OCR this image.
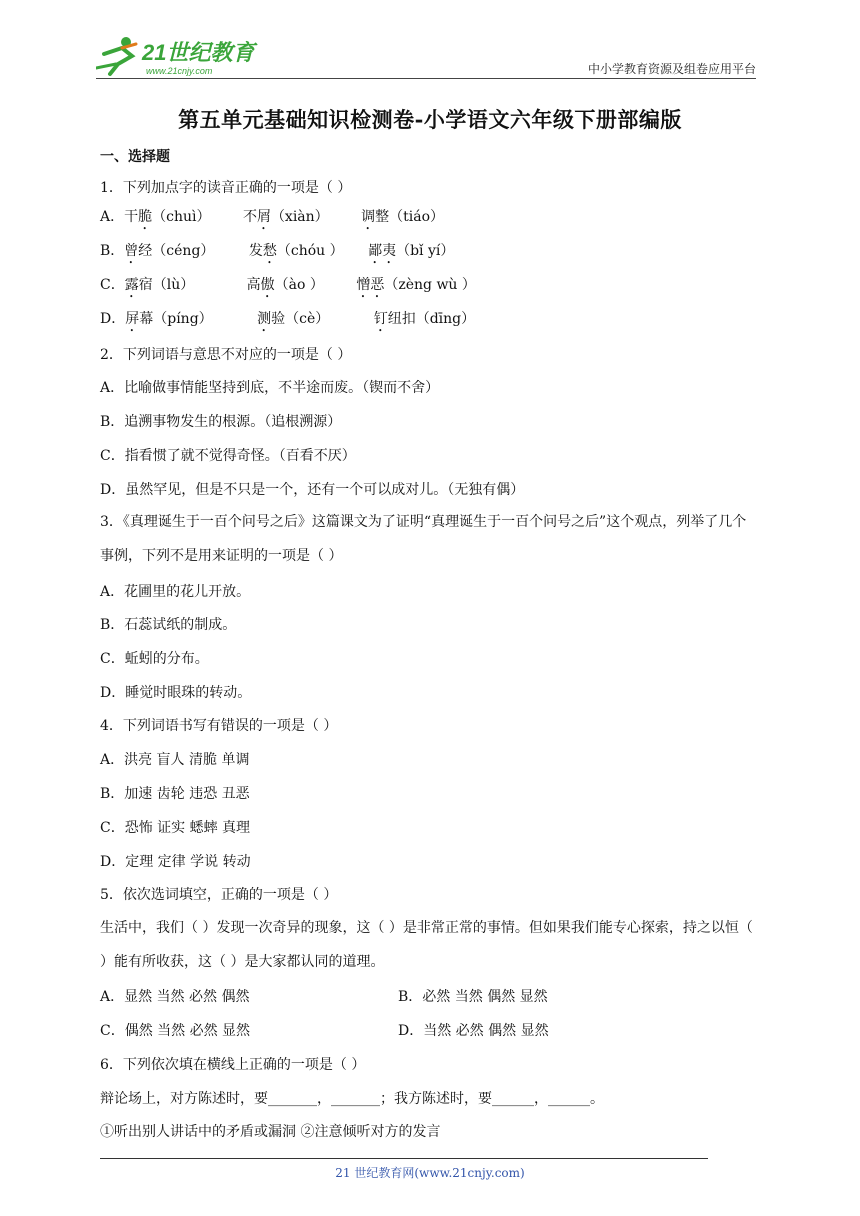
21世纪教育
www.21cnjy.com	中小学教育资源及组卷应用平台
第五单元基础知识检测卷-小学语文六年级下册部编版
一、选择题
1．下列加点字的读音正确的一项是（ ）
A．干脆（chuì） 不屑（xiàn） 调整（tiáo）
B．曾经（céng） 发愁（chóu ） 鄙夷（bǐ yí）
C．露宿（lù）	高傲（ào ） 憎恶（zèng wù ）
D．屏幕（píng）	测验（cè）	钉纽扣（dīng）
2．下列词语与意思不对应的一项是（ ）
A．比喻做事情能坚持到底，不半途而废。（锲而不舍）
B．追溯事物发生的根源。（追根溯源）
C．指看惯了就不觉得奇怪。（百看不厌）
D．虽然罕见，但是不只是一个，还有一个可以成对儿。（无独有偶）
3．《真理诞生于一百个问号之后》这篇课文为了证明“真理诞生于一百个问号之后”这个观点，列举了几个事例，下列不是用来证明的一项是（ ）
A．花圃里的花儿开放。
B．石蕊试纸的制成。
C．蚯蚓的分布。
D．睡觉时眼珠的转动。
4．下列词语书写有错误的一项是（ ）
A．洪亮 盲人 清脆 单调
B．加速 齿轮 违恐 丑恶
C．恐怖 证实 蟋蟀 真理
D．定理 定律 学说 转动
5．依次选词填空，正确的一项是（ ）
生活中，我们（ ）发现一次奇异的现象，这（ ）是非常正常的事情。但如果我们能专心探索，持之以恒（ ）能有所收获，这（ ）是大家都认同的道理。
A．显然 当然 必然 偶然	B．必然 当然 偶然 显然
C．偶然 当然 必然 显然	D．当然 必然 偶然 显然
6．下列依次填在横线上正确的一项是（ ）
辩论场上，对方陈述时，要_______，_______；我方陈述时，要______，______。
①听出别人讲话中的矛盾或漏洞 ②注意倾听对方的发言
21 世纪教育网(www.21cnjy.com)
